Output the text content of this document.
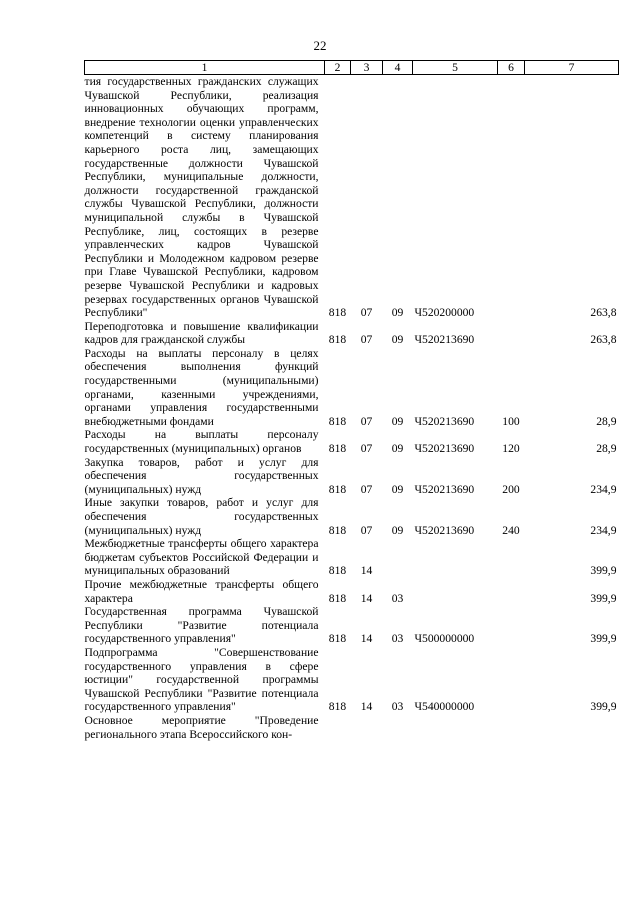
22
1	2	3	4	5	6	7
тия государственных гражданских служащих Чувашской Республики, реализация инновационных обучающих программ, внедрение технологии оценки управленческих компетенций в системy планирования карьерного роста лиц, замещающих государственные должности Чувашской Республики, муниципальные должности, должности государственной гражданской службы Чувашской Республики, должности муниципальной службы в Чувашской Республике, лиц, состоящих в резерве управленческих кадров Чувашской Республики и Молодежном кадровом резерве при Главе Чувашской Республики, кадровом резерве Чувашской Республики и кадровых резервах государственных органов Чувашской Республики"	818	07	09	Ч520200000		263,8
Переподготовка и повышение квалификации кадров для гражданской службы	818	07	09	Ч520213690		263,8
Расходы на выплаты персоналу в целях обеспечения выполнения функций государственными (муниципальными) органами, казенными учреждениями, органами управления государственными внебюджетными фондами	818	07	09	Ч520213690	100	28,9
Расходы на выплаты персоналу государственных (муниципальных) органов	818	07	09	Ч520213690	120	28,9
Закупка товаров, работ и услуг для обеспечения государственных (муниципальных) нужд	818	07	09	Ч520213690	200	234,9
Иные закупки товаров, работ и услуг для обеспечения государственных (муниципальных) нужд	818	07	09	Ч520213690	240	234,9
Межбюджетные трансферты общего характера бюджетам субъектов Российской Федерации и муниципальных образований	818	14				399,9
Прочие межбюджетные трансферты общего характера	818	14	03			399,9
Государственная программа Чувашской Республики "Развитие потенциала государственного управления"	818	14	03	Ч500000000		399,9
Подпрограмма "Совершенствование государственного управления в сфере юстиции" государственной программы Чувашской Республики "Развитие потенциала государственного управления"	818	14	03	Ч540000000		399,9
Основное мероприятие "Проведение регионального этапа Всероссийского кон-						
